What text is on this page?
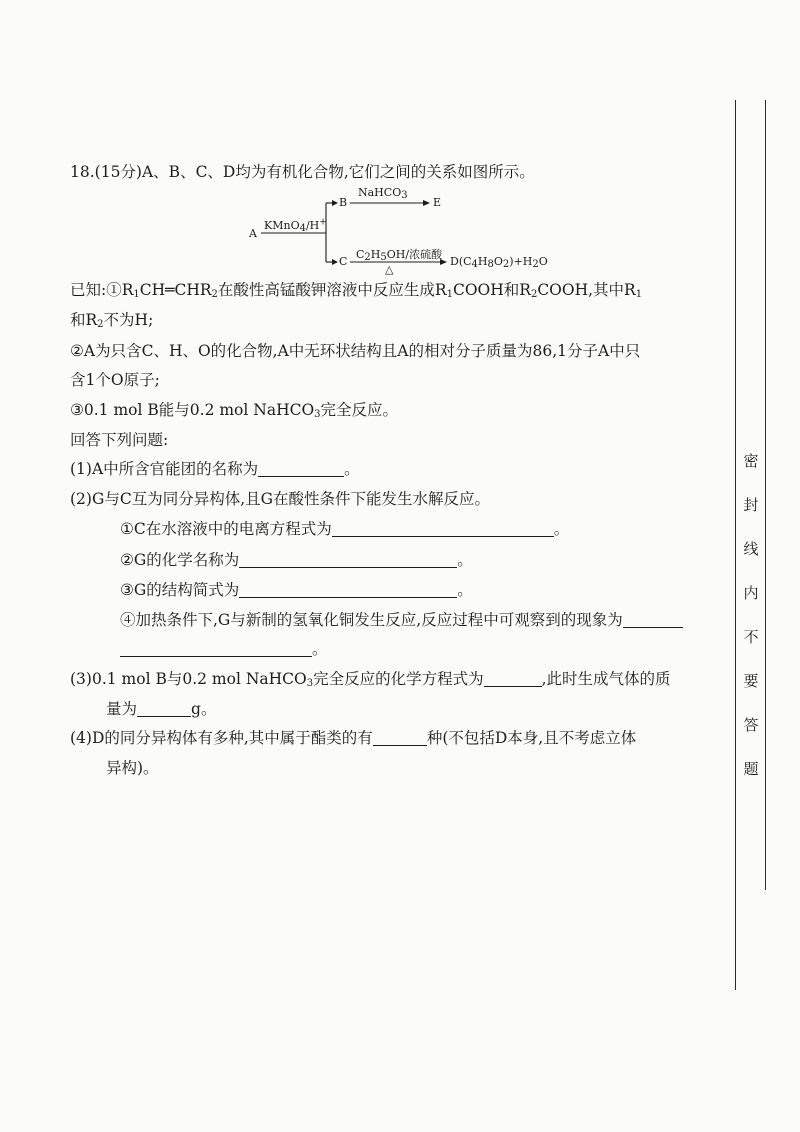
密
封
线
内
不
要
答
题
18.(15分)A、B、C、D均为有机化合物,它们之间的关系如图所示。
A
KMnO$_4$/H+
B
NaHCO$_3$
E
C
$C_2H_5OH/$浓硫酸
△
$D(C_4H_8O_2)+H_2O$
已知$:①R_1CH═CHR_2$在酸性高锰酸钾溶液中反应生成$R_1COOH$和$R_2COOH$,其中$R_1$
和$R_2$不为H;
②A为只含C、H、O的化合物,A中无环状结构且A的相对分子质量为86,1分子A中只
含1个O原子;
③0.1 mol B能与0.2 mol NaHCO$_3$完全反应。
回答下列问题:
(1)A中所含官能团的名称为	。
(2)G与C互为同分异构体,且G在酸性条件下能发生水解反应。
①C在水溶液中的电离方程式为	。
②G的化学名称为	。
③G的结构简式为	。
④加热条件下,G与新制的氢氧化铜发生反应,反应过程中可观察到的现象为
。
(3)0.1 mol B与0.2 mol NaHCO$_3$完全反应的化学方程式为	,此时生成气体的质
量为	g。
(4)D的同分异构体有多种,其中属于酯类的有	种(不包括D本身,且不考虑立体
异构)。
